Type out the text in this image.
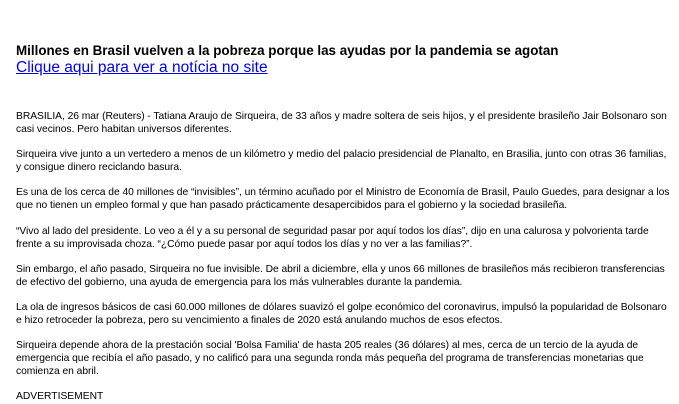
Millones en Brasil vuelven a la pobreza porque las ayudas por la pandemia se agotan
Clique aqui para ver a notícia no site

BRASILIA, 26 mar (Reuters) - Tatiana Araujo de Sirqueira, de 33 años y madre soltera de seis hijos, y el presidente brasileño Jair Bolsonaro son casi vecinos. Pero habitan universos diferentes.

Sirqueira vive junto a un vertedero a menos de un kilómetro y medio del palacio presidencial de Planalto, en Brasilia, junto con otras 36 familias, y consigue dinero reciclando basura.

Es una de los cerca de 40 millones de “invisibles”, un término acuñado por el Ministro de Economía de Brasil, Paulo Guedes, para designar a los que no tienen un empleo formal y que han pasado prácticamente desapercibidos para el gobierno y la sociedad brasileña.

“Vivo al lado del presidente. Lo veo a él y a su personal de seguridad pasar por aquí todos los días”, dijo en una calurosa y polvorienta tarde frente a su improvisada choza. “¿Cómo puede pasar por aquí todos los días y no ver a las familias?”.

Sin embargo, el año pasado, Sirqueira no fue invisible. De abril a diciembre, ella y unos 66 millones de brasileños más recibieron transferencias de efectivo del gobierno, una ayuda de emergencia para los más vulnerables durante la pandemia.

La ola de ingresos básicos de casi 60.000 millones de dólares suavizó el golpe económico del coronavirus, impulsó la popularidad de Bolsonaro e hizo retroceder la pobreza, pero su vencimiento a finales de 2020 está anulando muchos de esos efectos.

Sirqueira depende ahora de la prestación social 'Bolsa Familia' de hasta 205 reales (36 dólares) al mes, cerca de un tercio de la ayuda de emergencia que recibía el año pasado, y no calificó para una segunda ronda más pequeña del programa de transferencias monetarias que comienza en abril.

ADVERTISEMENT
